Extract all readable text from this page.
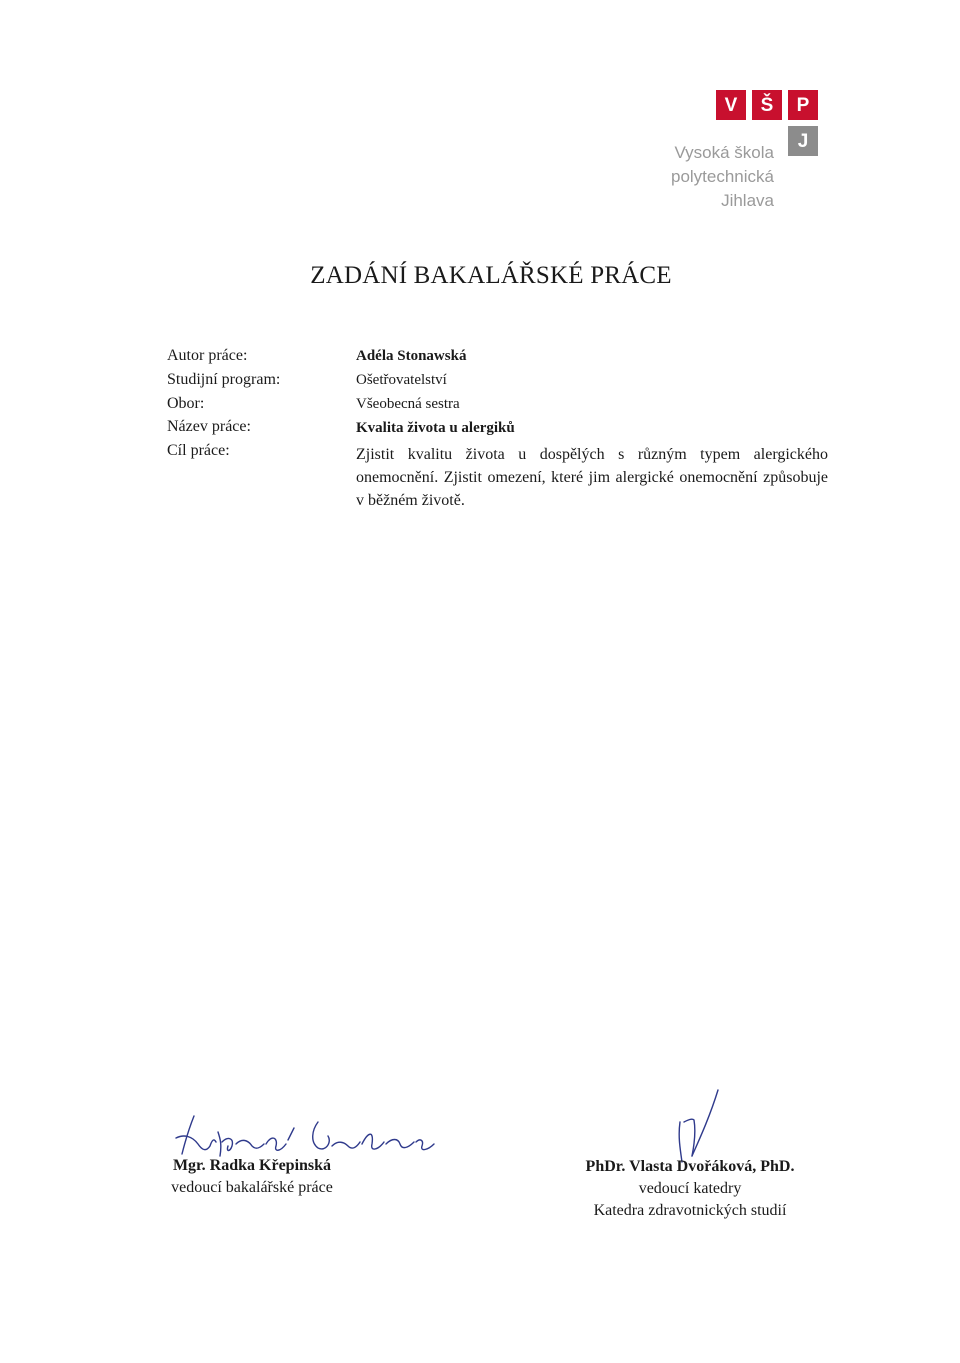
V	Š	P
J
Vysoká škola
polytechnická
Jihlava
ZADÁNÍ BAKALÁŘSKÉ PRÁCE
Autor práce:
Studijní program:
Obor:
Název práce:
Cíl práce:
Adéla Stonawská
Ošetřovatelství
Všeobecná sestra
Kvalita života u alergiků
Zjistit kvalitu života u dospělých s různým typem alergického onemocnění. Zjistit omezení, které jim alergické onemocnění způsobuje v běžném životě.
Mgr. Radka Křepinská
vedoucí bakalářské práce
PhDr. Vlasta Dvořáková, PhD.
vedoucí katedry
Katedra zdravotnických studií
